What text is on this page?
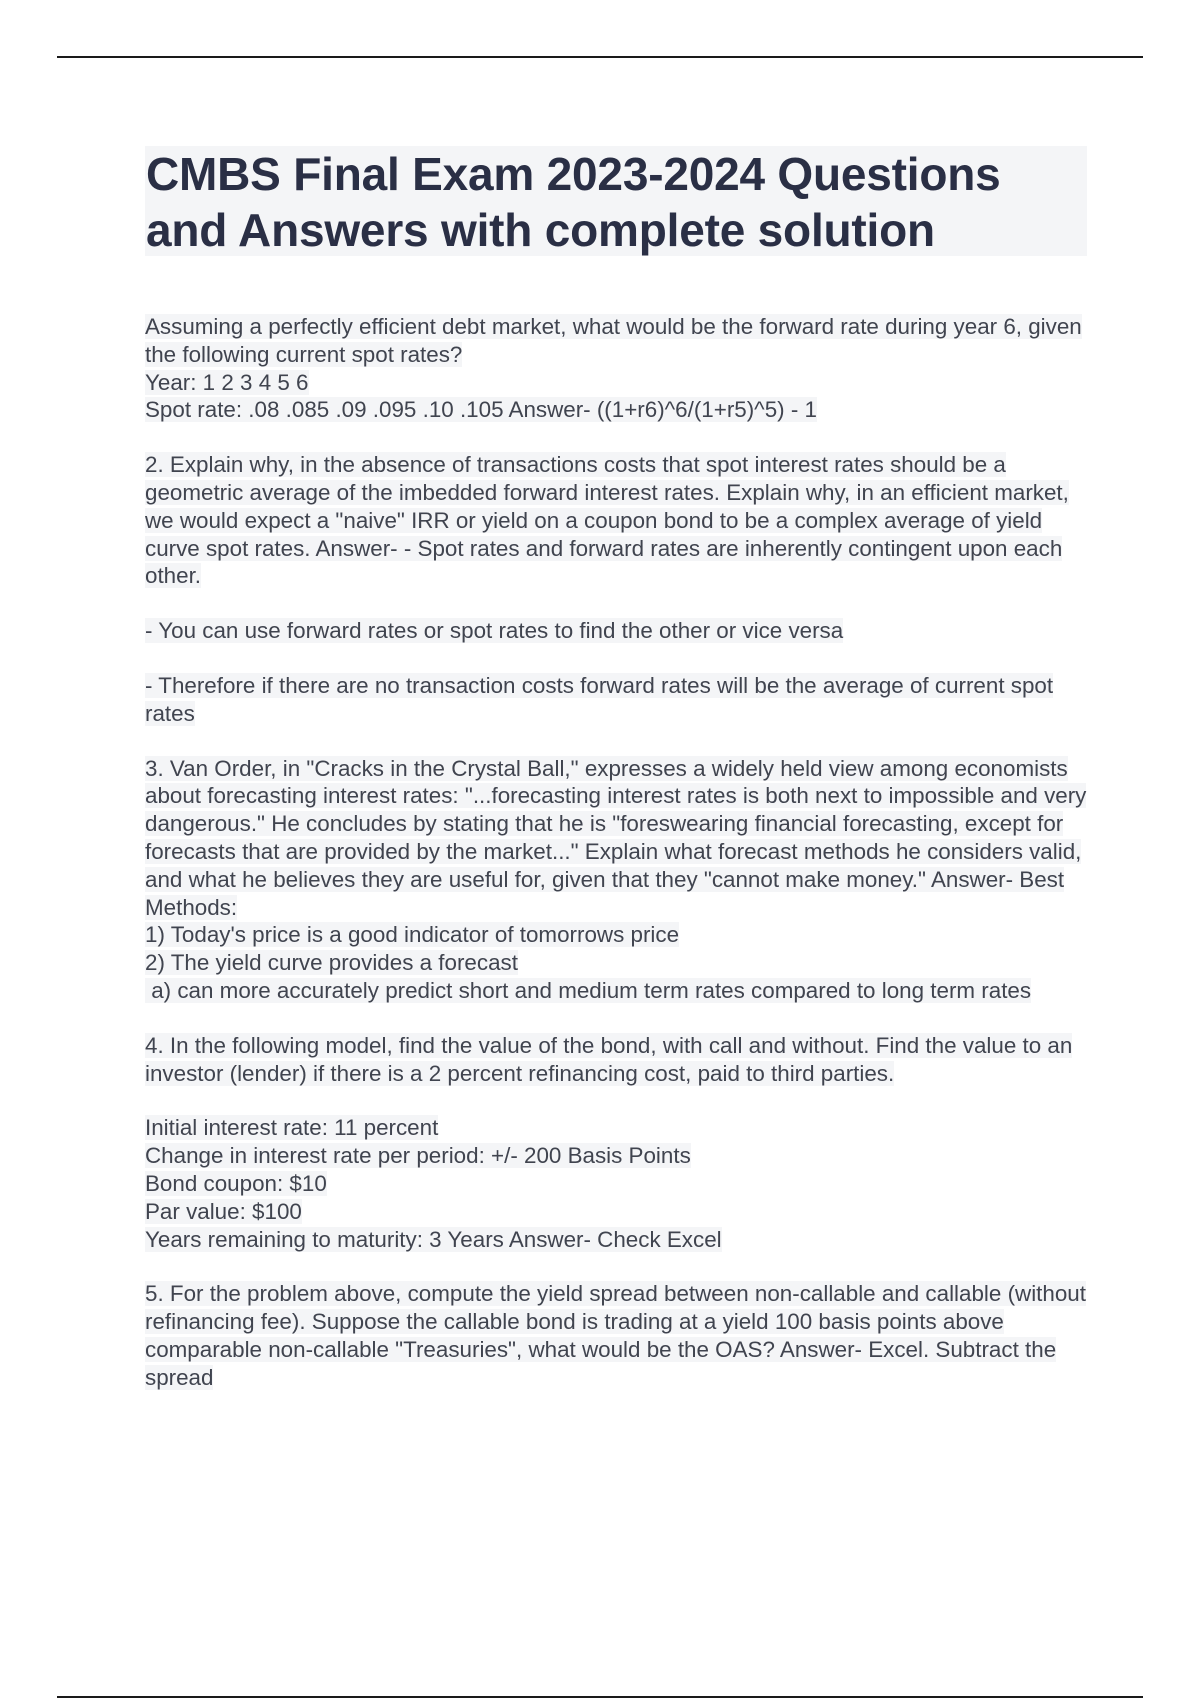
CMBS Final Exam 2023-2024 Questions and Answers with complete solution

Assuming a perfectly efficient debt market, what would be the forward rate during year 6, given the following current spot rates?

Year: 1 2 3 4 5 6

Spot rate: .08 .085 .09 .095 .10 .105 Answer- ((1+r6)^6/(1+r5)^5) - 1

2. Explain why, in the absence of transactions costs that spot interest rates should be a geometric average of the imbedded forward interest rates. Explain why, in an efficient market, we would expect a "naive" IRR or yield on a coupon bond to be a complex average of yield curve spot rates. Answer- - Spot rates and forward rates are inherently contingent upon each other.

- You can use forward rates or spot rates to find the other or vice versa

- Therefore if there are no transaction costs forward rates will be the average of current spot rates

3. Van Order, in "Cracks in the Crystal Ball," expresses a widely held view among economists about forecasting interest rates: "...forecasting interest rates is both next to impossible and very dangerous." He concludes by stating that he is "foreswearing financial forecasting, except for forecasts that are provided by the market..." Explain what forecast methods he considers valid, and what he believes they are useful for, given that they "cannot make money." Answer- Best Methods:

1) Today's price is a good indicator of tomorrows price

2) The yield curve provides a forecast

a) can more accurately predict short and medium term rates compared to long term rates

4. In the following model, find the value of the bond, with call and without. Find the value to an investor (lender) if there is a 2 percent refinancing cost, paid to third parties.

Initial interest rate: 11 percent

Change in interest rate per period: +/- 200 Basis Points

Bond coupon: $10

Par value: $100

Years remaining to maturity: 3 Years Answer- Check Excel

5. For the problem above, compute the yield spread between non-callable and callable (without refinancing fee). Suppose the callable bond is trading at a yield 100 basis points above comparable non-callable "Treasuries", what would be the OAS? Answer- Excel. Subtract the spread
